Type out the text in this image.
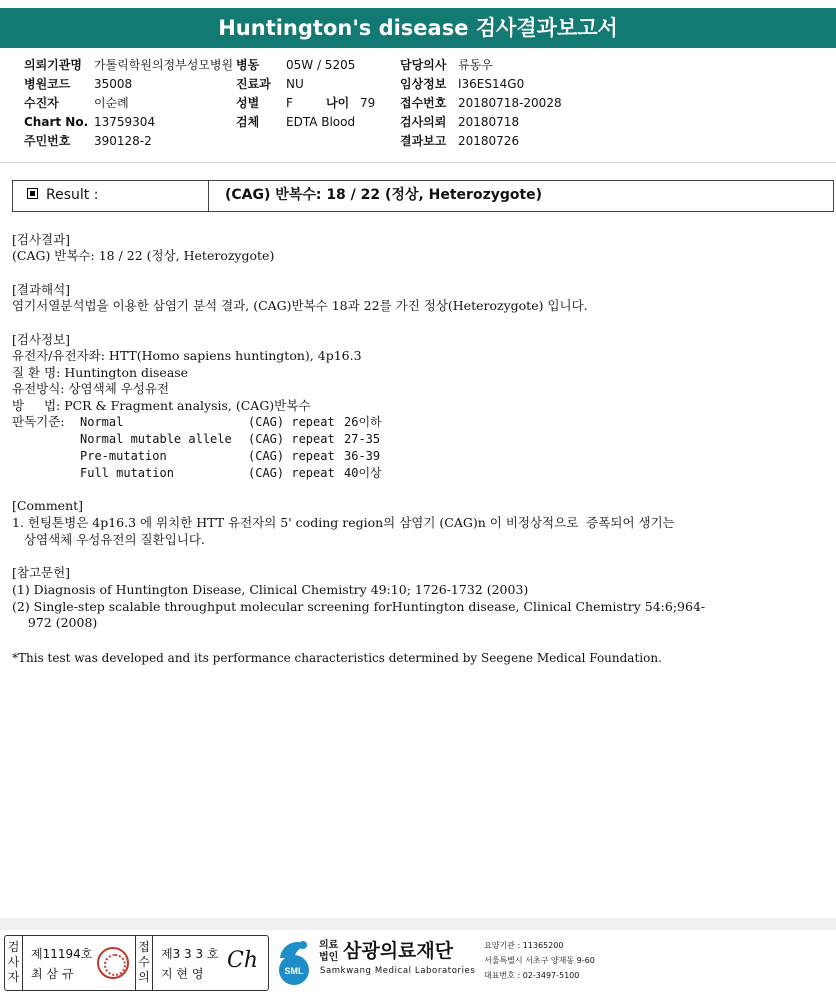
Huntington's disease 검사결과보고서
의뢰기관명 가톨릭학원의정부성모병원
병원코드 35008
수진자	이순례
Chart No. 13759304
주민번호 390128-2
병동 05W / 5205
진료과 NU
성별 F	나이 79
검체 EDTA Blood
담당의사 류동우
임상정보 I36ES14G0
접수번호 20180718-20028
검사의뢰 20180718
결과보고 20180726
Result :	(CAG) 반복수: 18 / 22 (정상, Heterozygote)
[검사결과]
(CAG) 반복수: 18 / 22 (정상, Heterozygote)
[결과해석]
염기서열분석법을 이용한 삼염기 분석 결과, (CAG)반복수 18과 22를 가진 정상(Heterozygote) 입니다.
[검사정보]
유전자/유전자좌: HTT(Homo sapiens huntington), 4p16.3
질 환 명: Huntington disease
유전방식: 상염색체 우성유전
방     법: PCR & Fragment analysis, (CAG)반복수
판독기준: Normal	(CAG) repeat 26이하
Normal mutable allele (CAG) repeat 27-35
Pre-mutation	(CAG) repeat 36-39
Full mutation	(CAG) repeat 40이상
[Comment]
1. 헌팅톤병은 4p16.3 에 위치한 HTT 유전자의 5' coding region의 삼염기 (CAG)n 이 비정상적으로  증폭되어 생기는
상염색체 우성유전의 질환입니다.
[참고문헌]
(1) Diagnosis of Huntington Disease, Clinical Chemistry 49:10; 1726-1732 (2003)
(2) Single-step scalable throughput molecular screening forHuntington disease, Clinical Chemistry 54:6;964-
972 (2008)
*This test was developed and its performance characteristics determined by Seegene Medical Foundation.
검
사
자
제11194호
최 삼 규
접
수
의
제3 3 3 호
지 현 영
Ch	SML
의료
법인 삼광의료재단
Samkwang Medical Laboratories
요양기관 : 11365200
서울특별시 서초구 양재동 9-60
대표번호 : 02-3497-5100
